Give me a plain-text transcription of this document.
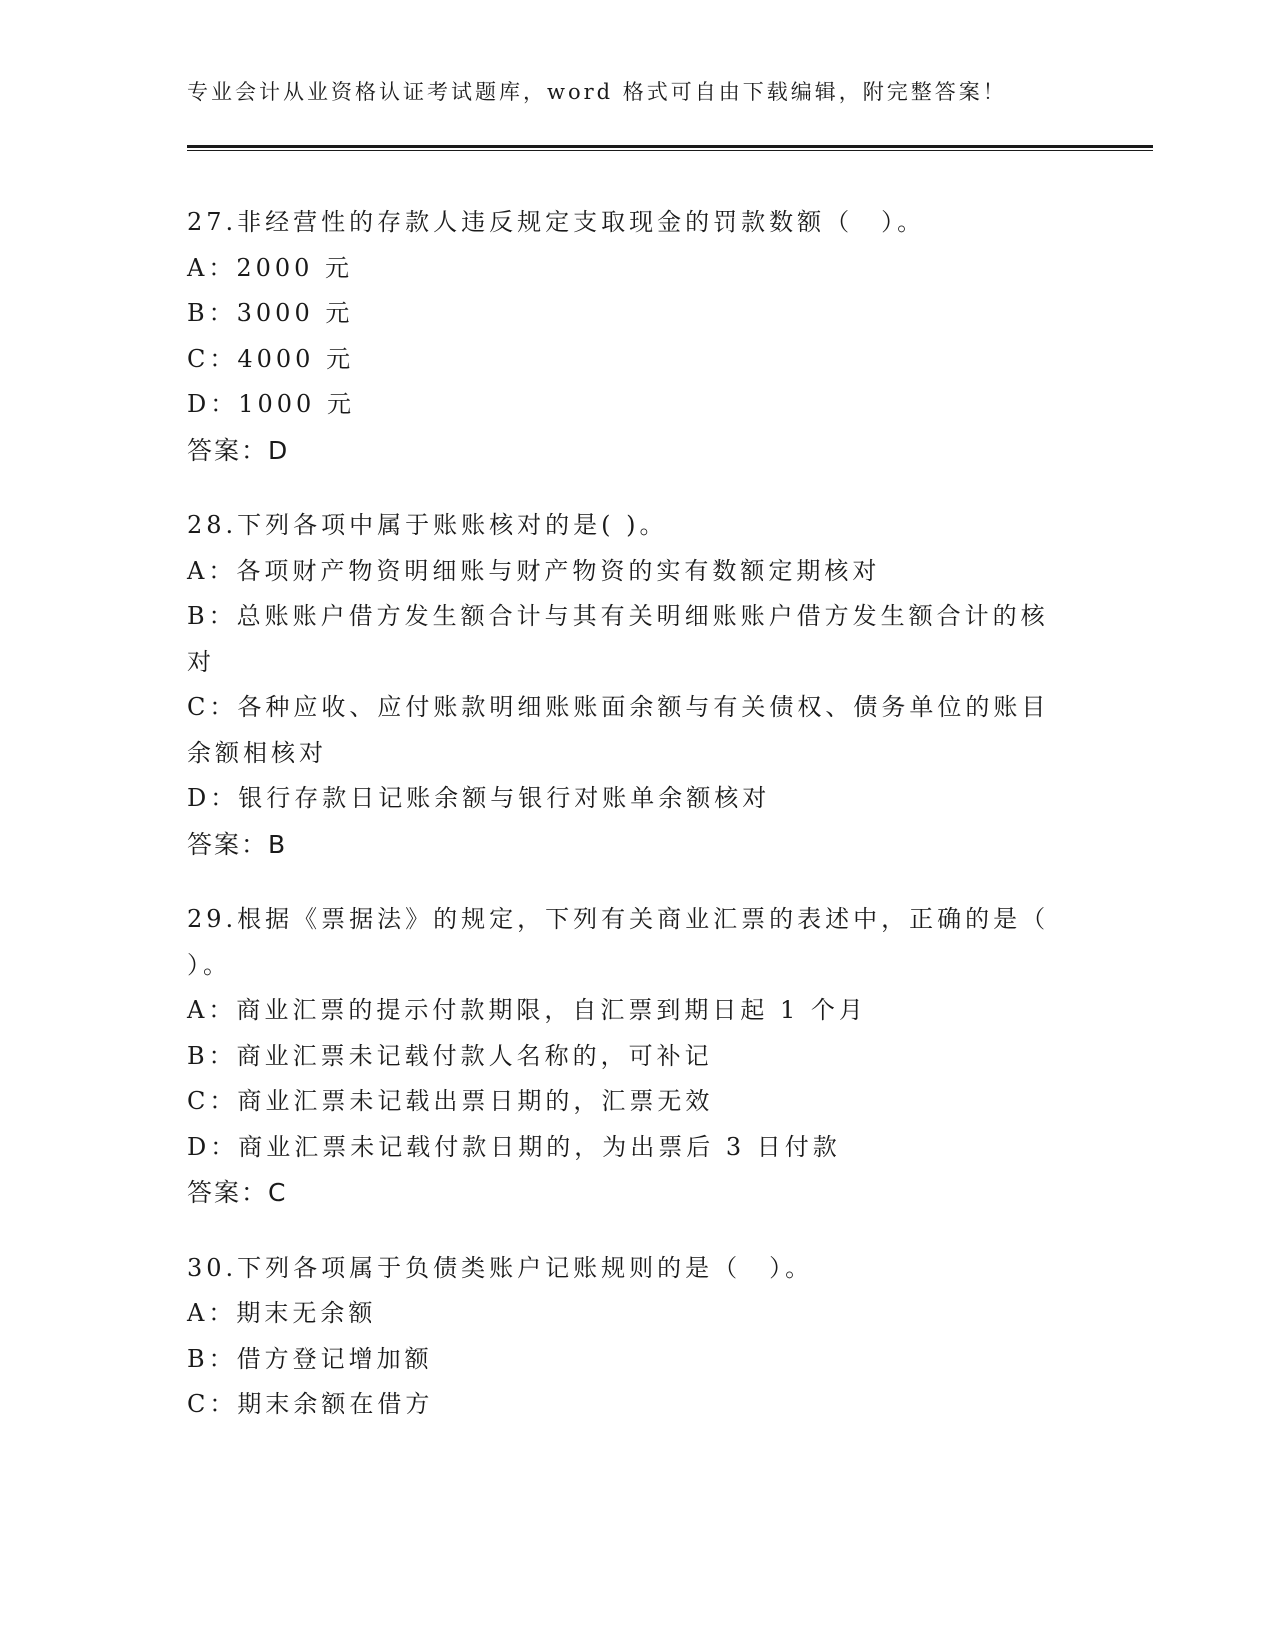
专业会计从业资格认证考试题库，word 格式可自由下载编辑，附完整答案！
27.非经营性的存款人违反规定支取现金的罚款数额（　）。
A：2000 元
B：3000 元
C：4000 元
D：1000 元
答案：D
28.下列各项中属于账账核对的是( )。
A：各项财产物资明细账与财产物资的实有数额定期核对
B：总账账户借方发生额合计与其有关明细账账户借方发生额合计的核
对
C：各种应收、应付账款明细账账面余额与有关债权、债务单位的账目
余额相核对
D：银行存款日记账余额与银行对账单余额核对
答案：B
29.根据《票据法》的规定，下列有关商业汇票的表述中，正确的是（
）。
A：商业汇票的提示付款期限，自汇票到期日起 1 个月
B：商业汇票未记载付款人名称的，可补记
C：商业汇票未记载出票日期的，汇票无效
D：商业汇票未记载付款日期的，为出票后 3 日付款
答案：C
30.下列各项属于负债类账户记账规则的是（　）。
A：期末无余额
B：借方登记增加额
C：期末余额在借方
